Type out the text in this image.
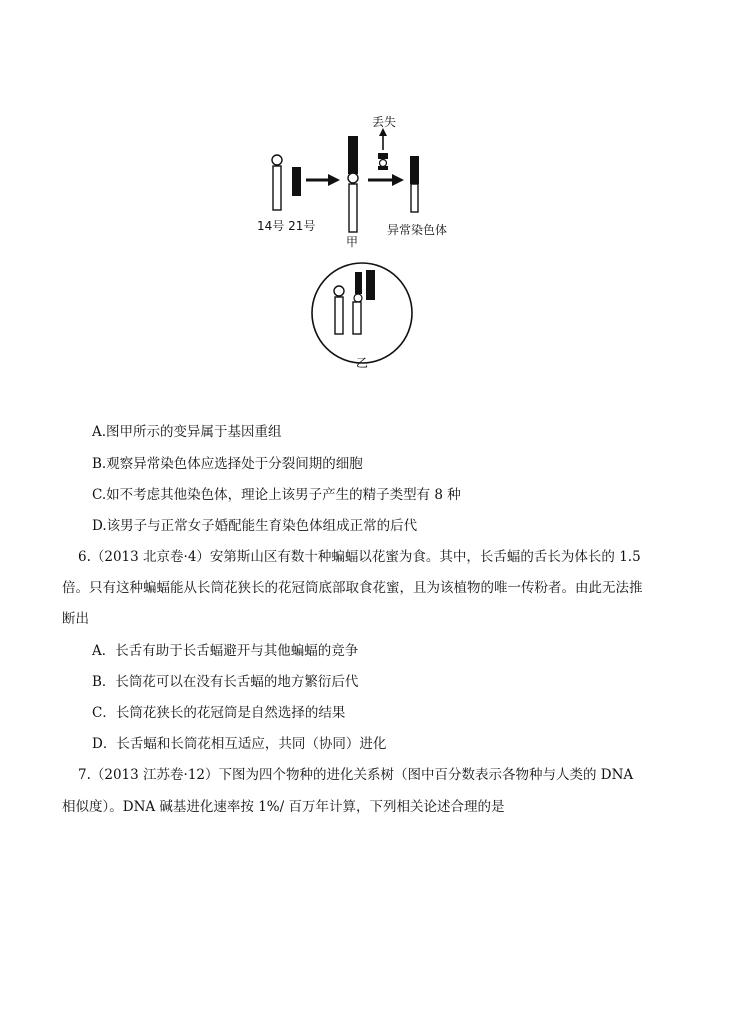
丢失
14号 21号
甲
异常染色体
乙
A.图甲所示的变异属于基因重组
B.观察异常染色体应选择处于分裂间期的细胞
C.如不考虑其他染色体，理论上该男子产生的精子类型有 8 种
D.该男子与正常女子婚配能生育染色体组成正常的后代
6.（2013 北京卷·4）安第斯山区有数十种蝙蝠以花蜜为食。其中，长舌蝠的舌长为体长的 1.5
倍。只有这种蝙蝠能从长筒花狭长的花冠筒底部取食花蜜，且为该植物的唯一传粉者。由此无法推
断出
A．长舌有助于长舌蝠避开与其他蝙蝠的竞争
B．长筒花可以在没有长舌蝠的地方繁衍后代
C．长筒花狭长的花冠筒是自然选择的结果
D．长舌蝠和长筒花相互适应，共同（协同）进化
7.（2013 江苏卷·12）下图为四个物种的进化关系树（图中百分数表示各物种与人类的 DNA
相似度）。DNA 碱基进化速率按 1%/ 百万年计算，下列相关论述合理的是
